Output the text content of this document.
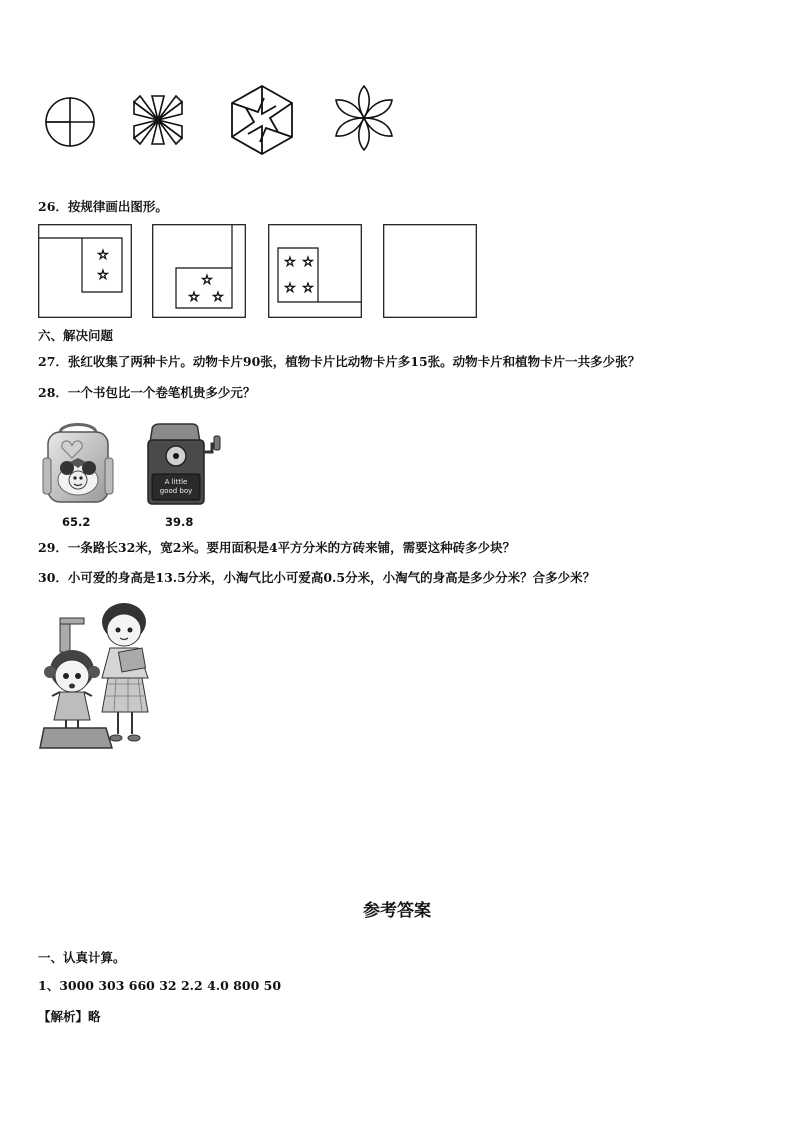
26．按规律画出图形。
☆
☆	☆
☆ ☆
☆ ☆
☆ ☆
六、解决问题
27．张红收集了两种卡片。动物卡片90张，植物卡片比动物卡片多15张。动物卡片和植物卡片一共多少张？
28．一个书包比一个卷笔机贵多少元？
65.2
A little
good boy
39.8
29．一条路长32米，宽2米。要用面积是4平方分米的方砖来铺，需要这种砖多少块？
30．小可爱的身高是13.5分米，小淘气比小可爱高0.5分米，小淘气的身高是多少分米？合多少米？
参考答案
一、认真计算。
1、3000 303 660 32 2.2 4.0 800 50
【解析】略
